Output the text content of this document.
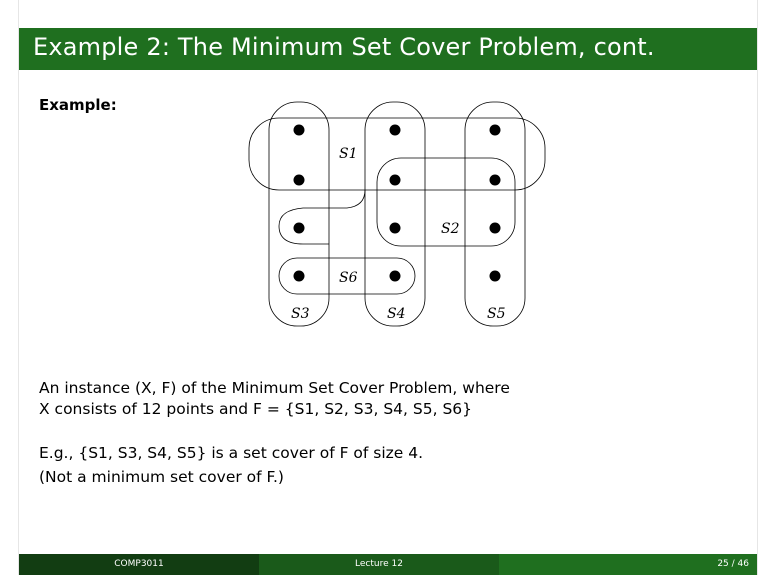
Example 2: The Minimum Set Cover Problem, cont.
Example:
S1
S2
S6
S3	S4	S5
An instance (X, F) of the Minimum Set Cover Problem, where
X consists of 12 points and F = {S1, S2, S3, S4, S5, S6}
E.g., {S1, S3, S4, S5} is a set cover of F of size 4.
(Not a minimum set cover of F.)
COMP3011	Lecture 12	25 / 46
